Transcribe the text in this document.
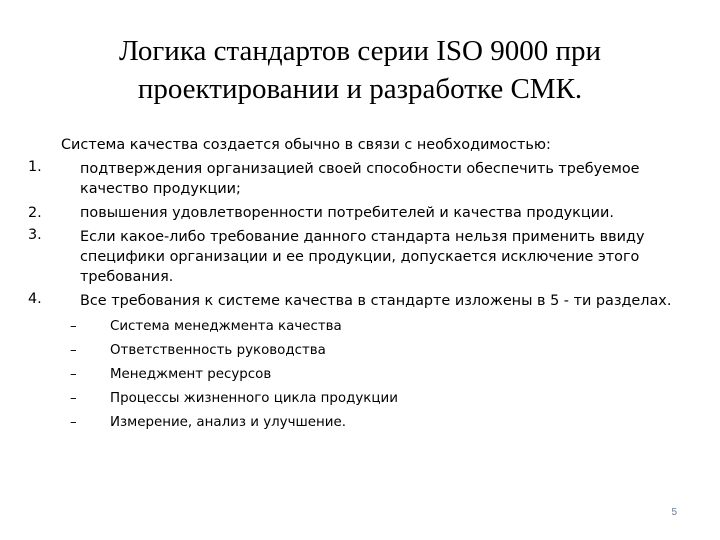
Логика стандартов серии ISO 9000 при проектировании и разработке СМК.

Система качества создается обычно в связи с необходимостью:

1.	подтверждения организацией своей способности обеспечить требуемое качество продукции;
2.	повышения удовлетворенности потребителей и качества продукции.
3.	Если какое-либо требование данного стандарта нельзя применить ввиду специфики организации и ее продукции, допускается исключение этого требования.
4.	Все требования к системе качества в стандарте изложены в 5 - ти разделах.
– Система менеджмента качества
– Ответственность руководства
– Менеджмент ресурсов
– Процессы жизненного цикла продукции
– Измерение, анализ и улучшение.
5
